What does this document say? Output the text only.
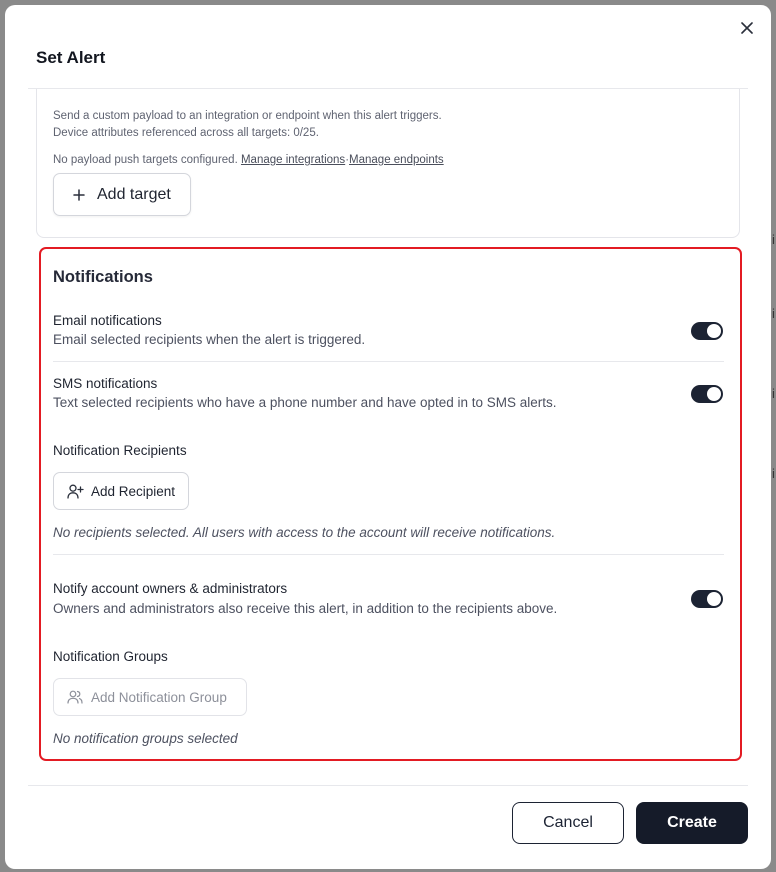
i
i
i
i
Set Alert
Send a custom payload to an integration or endpoint when this alert triggers.
Device attributes referenced across all targets: 0/25.
No payload push targets configured. Manage integrations·Manage endpoints
Add target
Notifications
Email notifications
Email selected recipients when the alert is triggered.
SMS notifications
Text selected recipients who have a phone number and have opted in to SMS alerts.
Notification Recipients
Add Recipient
No recipients selected. All users with access to the account will receive notifications.
Notify account owners & administrators
Owners and administrators also receive this alert, in addition to the recipients above.
Notification Groups
Add Notification Group
No notification groups selected
Cancel	Create
